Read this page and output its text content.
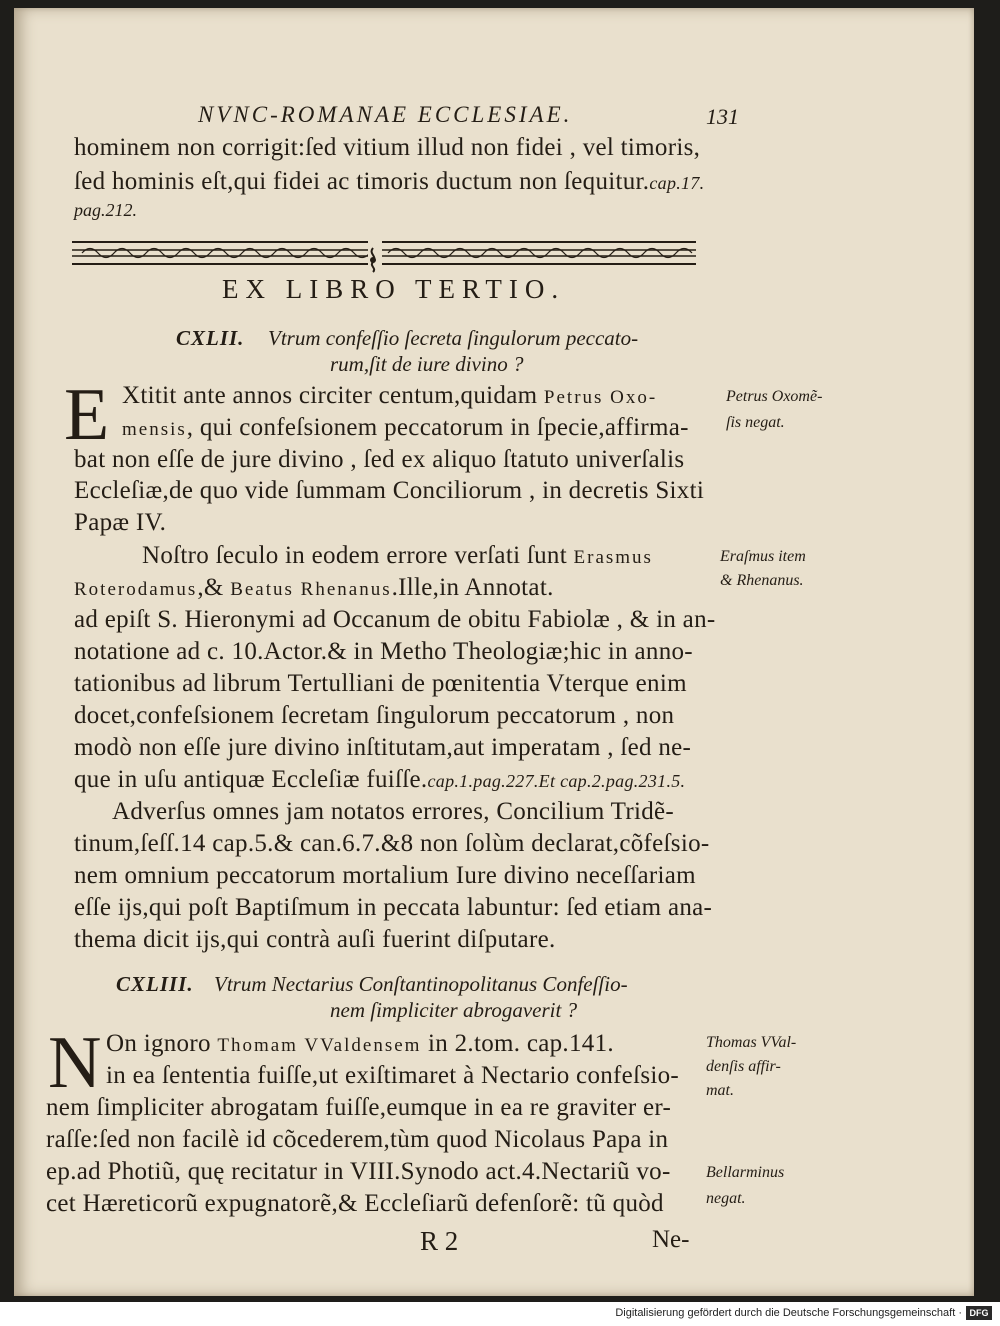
NVNC-ROMANAE ECCLESIAE.	131
hominem non corrigit:ſed vitium illud non fidei , vel timoris,
ſed hominis eſt,qui fidei ac timoris ductum non ſequitur.cap.17.
pag.212.
EX LIBRO TERTIO.
CXLII. Vtrum confeſſio ſecreta ſingulorum peccato-
rum,ſit de iure divino ?
E Xtitit ante annos circiter centum,quidam Petrus Oxo-
mensis, qui confeſsionem peccatorum in ſpecie,affirma-
bat non eſſe de jure divino , ſed ex aliquo ſtatuto univerſalis
Eccleſiæ,de quo vide ſummam Conciliorum , in decretis Sixti
Papæ IV.
Noſtro ſeculo in eodem errore verſati ſunt Erasmus
Roterodamus,& Beatus Rhenanus.Ille,in Annotat.
ad epiſt S. Hieronymi ad Occanum de obitu Fabiolæ , & in an-
notatione ad c. 10.Actor.& in Metho Theologiæ;hic in anno-
tationibus ad librum Tertulliani de pœnitentia Vterque enim
docet,confeſsionem ſecretam ſingulorum peccatorum , non
modò non eſſe jure divino inſtitutam,aut imperatam , ſed ne-
que in uſu antiquæ Eccleſiæ fuiſſe.cap.1.pag.227.Et cap.2.pag.231.5.
Adverſus omnes jam notatos errores, Concilium Tridẽ-
tinum,ſeſſ.14 cap.5.& can.6.7.&8 non ſolùm declarat,cõfeſsio-
nem omnium peccatorum mortalium Iure divino neceſſariam
eſſe ijs,qui poſt Baptiſmum in peccata labuntur: ſed etiam ana-
thema dicit ijs,qui contrà auſi fuerint diſputare.
CXLIII. Vtrum Nectarius Conſtantinopolitanus Confeſſio-
nem ſimpliciter abrogaverit ?
N On ignoro Thomam VValdensem in 2.tom. cap.141.
in ea ſententia fuiſſe,ut exiſtimaret à Nectario confeſsio-
nem ſimpliciter abrogatam fuiſſe,eumque in ea re graviter er-
raſſe:ſed non facilè id cõcederem,tùm quod Nicolaus Papa in
ep.ad Photiũ, quę recitatur in VIII.Synodo act.4.Nectariũ vo-
cet Hæreticorũ expugnatorẽ,& Eccleſiarũ defenſorẽ: tũ quòd
Petrus Oxomẽ-
ſis negat.
Eraſmus item
& Rhenanus.
Thomas VVal-
denſis affir-
mat.
Bellarminus
negat.
R 2	Ne-
Digitalisierung gefördert durch die Deutsche Forschungsgemeinschaft · DFG
